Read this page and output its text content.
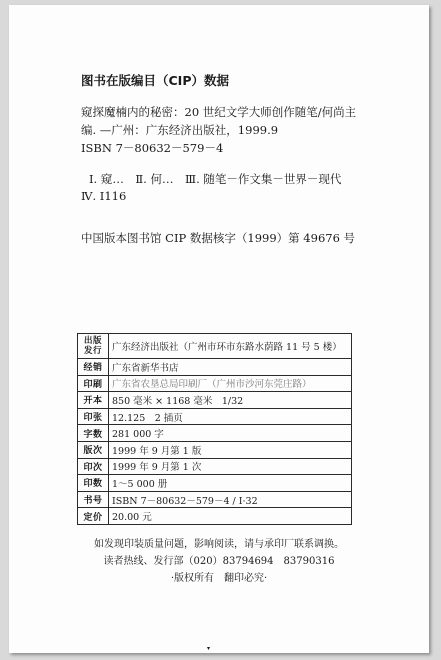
图书在版编目（CIP）数据
窥探魔楠内的秘密：20 世纪文学大师创作随笔/何尚主
编. —广州：广东经济出版社，1999.9
ISBN 7－80632－579－4
Ⅰ. 窥…　Ⅱ. 何…　Ⅲ. 随笔－作文集－世界－现代
Ⅳ. I116
中国版本图书馆 CIP 数据核字（1999）第 49676 号
出版
发行	广东经济出版社（广州市环市东路水荫路 11 号 5 楼）
经销	广东省新华书店
印刷	广东省农垦总局印刷厂（广州市沙河东莞庄路）
开本	850 毫米 × 1168 毫米　1/32
印张	12.125　2 插页
字数	281 000 字
版次	1999 年 9 月第 1 版
印次	1999 年 9 月第 1 次
印数	1～5 000 册
书号	ISBN 7－80632－579－4 / I·32
定价	20.00 元
如发现印装质量问题，影响阅读，请与承印厂联系调换。
读者热线、发行部（020）83794694　83790316
·版权所有　翻印必究·
▾
